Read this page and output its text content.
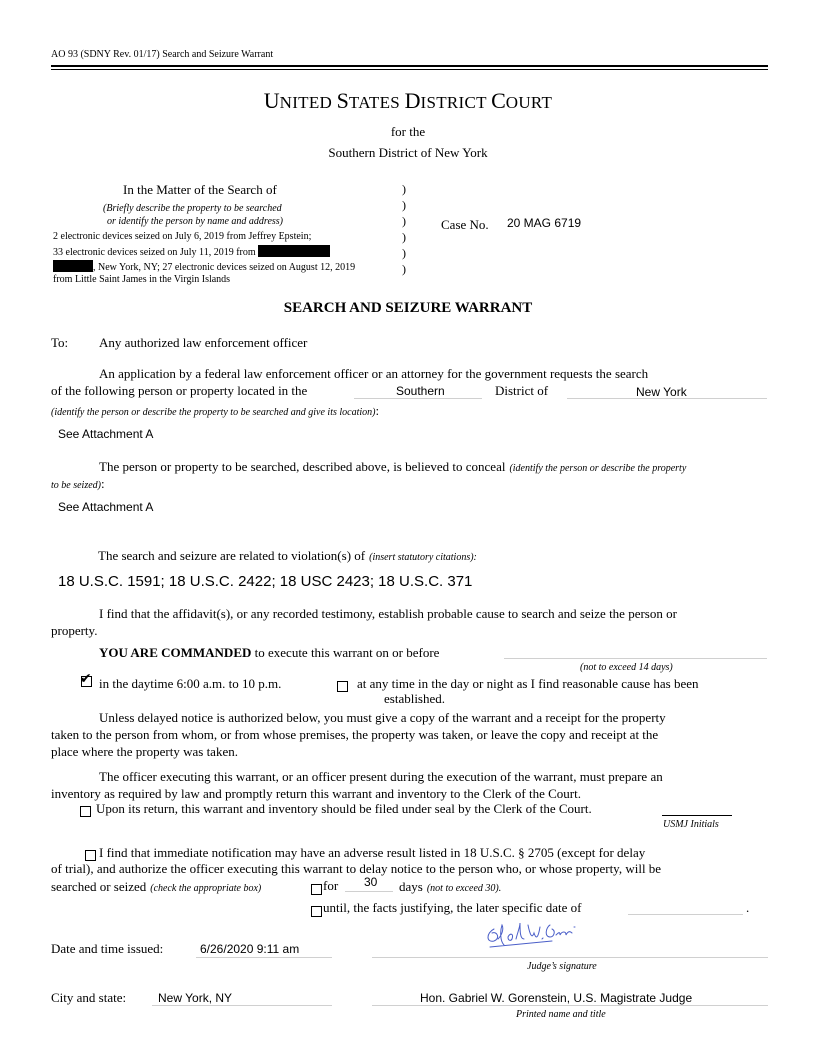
AO 93 (SDNY Rev. 01/17) Search and Seizure Warrant
UNITED STATES DISTRICT COURT
for the
Southern District of New York
In the Matter of the Search of
(Briefly describe the property to be searched
or identify the person by name and address)
2 electronic devices seized on July 6, 2019 from Jeffrey Epstein;
33 electronic devices seized on July 11, 2019 from
, New York, NY; 27 electronic devices seized on August 12, 2019
from Little Saint James in the Virgin Islands
)
)
)
)
)
)
Case No. 20 MAG 6719
SEARCH AND SEIZURE WARRANT
To: Any authorized law enforcement officer
An application by a federal law enforcement officer or an attorney for the government requests the search
of the following person or property located in the	Southern	District of	New York
(identify the person or describe the property to be searched and give its location):
See Attachment A
The person or property to be searched, described above, is believed to conceal (identify the person or describe the property
to be seized):
See Attachment A
The search and seizure are related to violation(s) of (insert statutory citations):
18 U.S.C. 1591; 18 U.S.C. 2422; 18 USC 2423; 18 U.S.C. 371
I find that the affidavit(s), or any recorded testimony, establish probable cause to search and seize the person or
property.
YOU ARE COMMANDED to execute this warrant on or before
(not to exceed 14 days)
✔ in the daytime 6:00 a.m. to 10 p.m.	at any time in the day or night as I find reasonable cause has been
established.
Unless delayed notice is authorized below, you must give a copy of the warrant and a receipt for the property
taken to the person from whom, or from whose premises, the property was taken, or leave the copy and receipt at the
place where the property was taken.
The officer executing this warrant, or an officer present during the execution of the warrant, must prepare an
inventory as required by law and promptly return this warrant and inventory to the Clerk of the Court.
Upon its return, this warrant and inventory should be filed under seal by the Clerk of the Court.
USMJ Initials
I find that immediate notification may have an adverse result listed in 18 U.S.C. § 2705 (except for delay
of trial), and authorize the officer executing this warrant to delay notice to the person who, or whose property, will be
searched or seized (check the appropriate box)	for 30 days (not to exceed 30).
until, the facts justifying, the later specific date of	.
Date and time issued:	6/26/2020 9:11 am
Judge’s signature
City and state:	New York, NY	Hon. Gabriel W. Gorenstein, U.S. Magistrate Judge
Printed name and title
